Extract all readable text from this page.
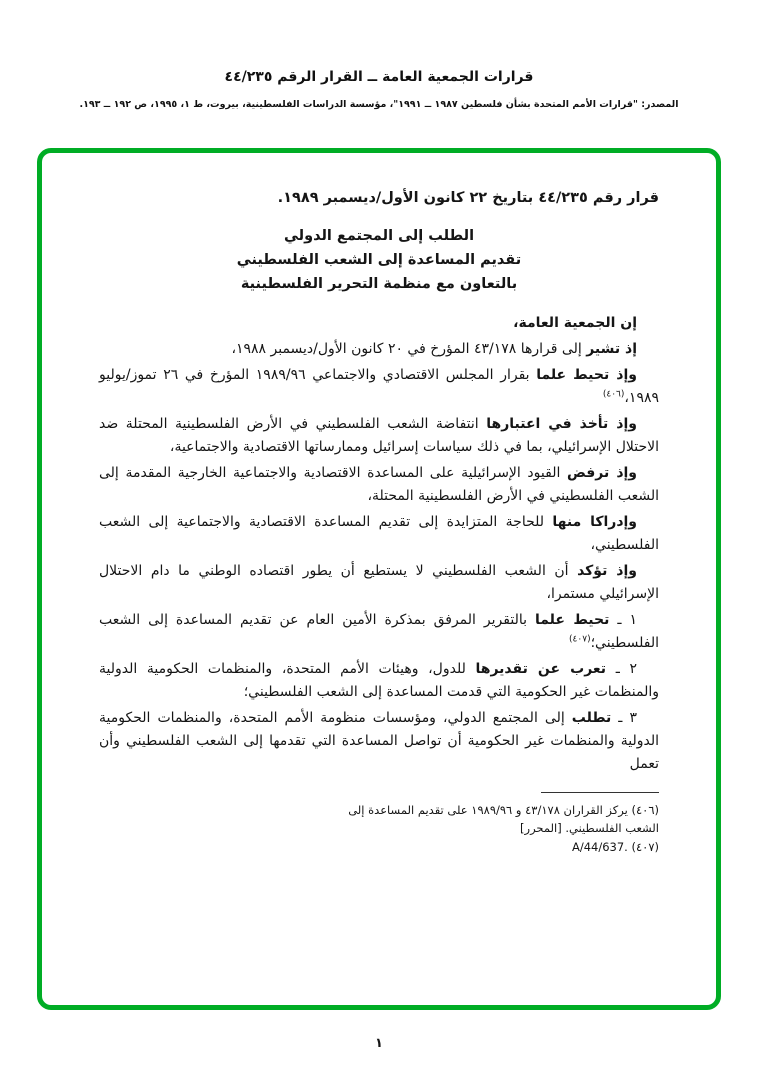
قرارات الجمعية العامة ــ القرار الرقم ٤٤/٢٣٥
المصدر: "قرارات الأمم المتحدة بشأن فلسطين ١٩٨٧ ــ ١٩٩١"، مؤسسة الدراسات الفلسطينية، بيروت، ط ١، ١٩٩٥، ص ١٩٢ ــ ١٩٣.

قرار رقم ٤٤/٢٣٥ بتاريخ ٢٢ كانون الأول/ديسمبر ١٩٨٩.

الطلب إلى المجتمع الدولي
تقديم المساعدة إلى الشعب الفلسطيني
بالتعاون مع منظمة التحرير الفلسطينية

إن الجمعية العامة،

إذ تشير إلى قرارها ٤٣/١٧٨ المؤرخ في ٢٠ كانون الأول/ديسمبر ١٩٨٨،

وإذ تحيط علما بقرار المجلس الاقتصادي والاجتماعي ١٩٨٩/٩٦ المؤرخ في ٢٦ تموز/يوليو ١٩٨٩،$^{(٤٠٦)}$

وإذ تأخذ في اعتبارها انتفاضة الشعب الفلسطيني في الأرض الفلسطينية المحتلة ضد الاحتلال الإسرائيلي، بما في ذلك سياسات إسرائيل وممارساتها الاقتصادية والاجتماعية،

وإذ ترفض القيود الإسرائيلية على المساعدة الاقتصادية والاجتماعية الخارجية المقدمة إلى الشعب الفلسطيني في الأرض الفلسطينية المحتلة،

وإدراكا منها للحاجة المتزايدة إلى تقديم المساعدة الاقتصادية والاجتماعية إلى الشعب الفلسطيني،

وإذ تؤكد أن الشعب الفلسطيني لا يستطيع أن يطور اقتصاده الوطني ما دام الاحتلال الإسرائيلي مستمرا،

١ ـ تحيط علما بالتقرير المرفق بمذكرة الأمين العام عن تقديم المساعدة إلى الشعب الفلسطيني؛$^{(٤٠٧)}$

٢ ـ تعرب عن تقديرها للدول، وهيئات الأمم المتحدة، والمنظمات الحكومية الدولية والمنظمات غير الحكومية التي قدمت المساعدة إلى الشعب الفلسطيني؛

٣ ـ تطلب إلى المجتمع الدولي، ومؤسسات منظومة الأمم المتحدة، والمنظمات الحكومية الدولية والمنظمات غير الحكومية أن تواصل المساعدة التي تقدمها إلى الشعب الفلسطيني وأن تعمل

(٤٠٦) يركز القراران ٤٣/١٧٨ و ١٩٨٩/٩٦ على تقديم المساعدة إلى الشعب الفلسطيني. [المحرر]

(٤٠٧) A/44/637.‎

١
